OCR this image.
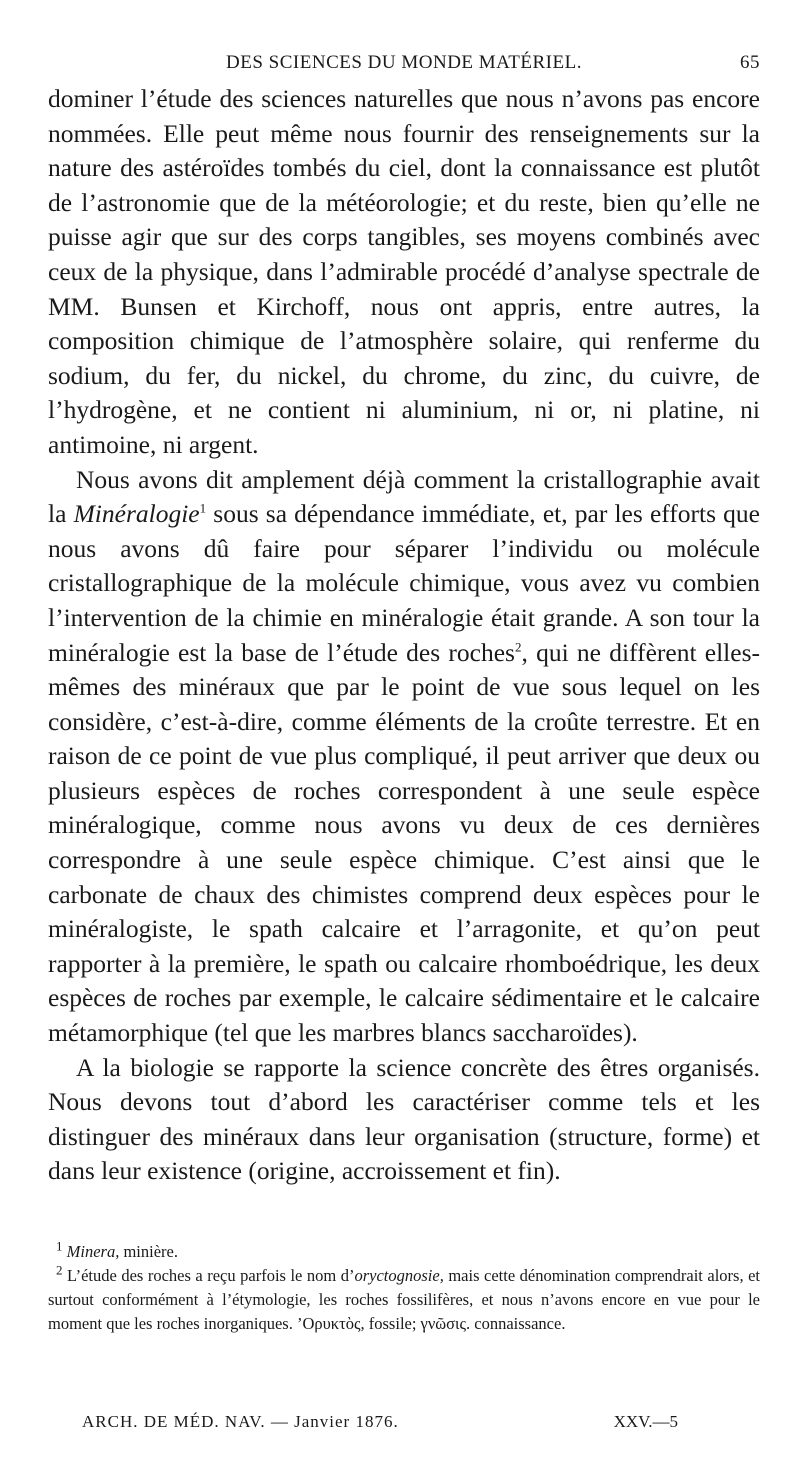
DES SCIENCES DU MONDE MATÉRIEL.	65

dominer l’étude des sciences naturelles que nous n’avons pas encore nommées. Elle peut même nous fournir des renseignements sur la nature des astéroïdes tombés du ciel, dont la connaissance est plutôt de l’astronomie que de la météorologie; et du reste, bien qu’elle ne puisse agir que sur des corps tangibles, ses moyens combinés avec ceux de la physique, dans l’admirable procédé d’analyse spectrale de MM. Bunsen et Kirchoff, nous ont appris, entre autres, la composition chimique de l’atmosphère solaire, qui renferme du sodium, du fer, du nickel, du chrome, du zinc, du cuivre, de l’hydrogène, et ne contient ni aluminium, ni or, ni platine, ni antimoine, ni argent.

Nous avons dit amplement déjà comment la cristallographie avait la Minéralogie$^1$ sous sa dépendance immédiate, et, par les efforts que nous avons dû faire pour séparer l’individu ou molécule cristallographique de la molécule chimique, vous avez vu combien l’intervention de la chimie en minéralogie était grande. A son tour la minéralogie est la base de l’étude des roches$^2$, qui ne diffèrent elles-mêmes des minéraux que par le point de vue sous lequel on les considère, c’est-à-dire, comme éléments de la croûte terrestre. Et en raison de ce point de vue plus compliqué, il peut arriver que deux ou plusieurs espèces de roches correspondent à une seule espèce minéralogique, comme nous avons vu deux de ces dernières correspondre à une seule espèce chimique. C’est ainsi que le carbonate de chaux des chimistes comprend deux espèces pour le minéralogiste, le spath calcaire et l’arragonite, et qu’on peut rapporter à la première, le spath ou calcaire rhomboédrique, les deux espèces de roches par exemple, le calcaire sédimentaire et le calcaire métamorphique (tel que les marbres blancs saccharoïdes).

A la biologie se rapporte la science concrète des êtres organisés. Nous devons tout d’abord les caractériser comme tels et les distinguer des minéraux dans leur organisation (structure, forme) et dans leur existence (origine, accroissement et fin).

$^1$ Minera, minière.

$^2$ L’étude des roches a reçu parfois le nom d’oryctognosie, mais cette dénomination comprendrait alors, et surtout conformément à l’étymologie, les roches fossilifères, et nous n’avons encore en vue pour le moment que les roches inorganiques. ’Ορυκτὸς, fossile; γνῶσις. connaissance.

ARCH. DE MÉD. NAV. — Janvier 1876.	XXV.—5
